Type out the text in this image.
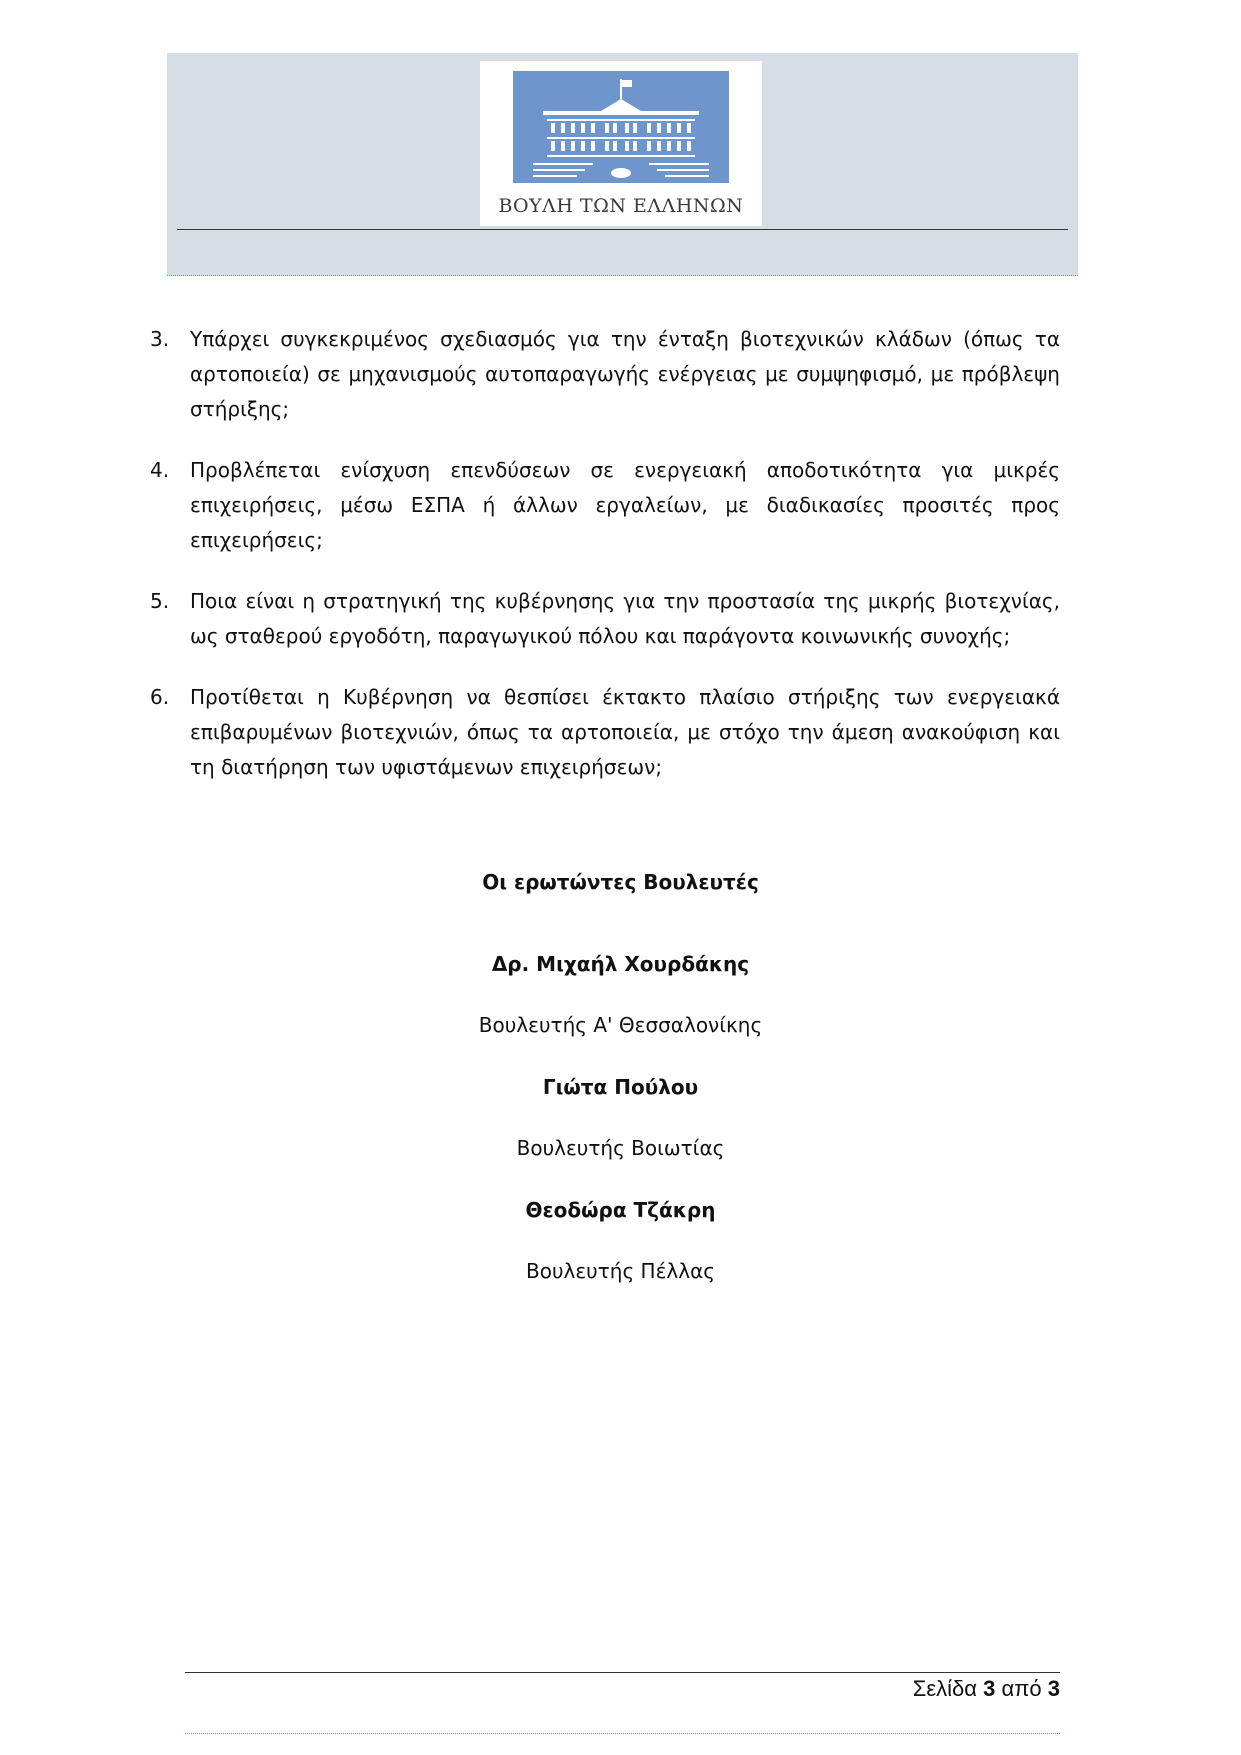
ΒΟΥΛΗ ΤΩΝ ΕΛΛΗΝΩΝ
3. Υπάρχει συγκεκριμένος σχεδιασμός για την ένταξη βιοτεχνικών κλάδων (όπως τα αρτοποιεία) σε μηχανισμούς αυτοπαραγωγής ενέργειας με συμψηφισμό, με πρόβλεψη στήριξης;
4. Προβλέπεται ενίσχυση επενδύσεων σε ενεργειακή αποδοτικότητα για μικρές επιχειρήσεις, μέσω ΕΣΠΑ ή άλλων εργαλείων, με διαδικασίες προσιτές προς επιχειρήσεις;
5. Ποια είναι η στρατηγική της κυβέρνησης για την προστασία της μικρής βιοτεχνίας, ως σταθερού εργοδότη, παραγωγικού πόλου και παράγοντα κοινωνικής συνοχής;
6. Προτίθεται η Κυβέρνηση να θεσπίσει έκτακτο πλαίσιο στήριξης των ενεργειακά επιβαρυμένων βιοτεχνιών, όπως τα αρτοποιεία, με στόχο την άμεση ανακούφιση και τη διατήρηση των υφιστάμενων επιχειρήσεων;
Οι ερωτώντες Βουλευτές
Δρ. Μιχαήλ Χουρδάκης
Βουλευτής Α' Θεσσαλονίκης
Γιώτα Πούλου
Βουλευτής Βοιωτίας
Θεοδώρα Τζάκρη
Βουλευτής Πέλλας
Σελίδα 3 από 3
